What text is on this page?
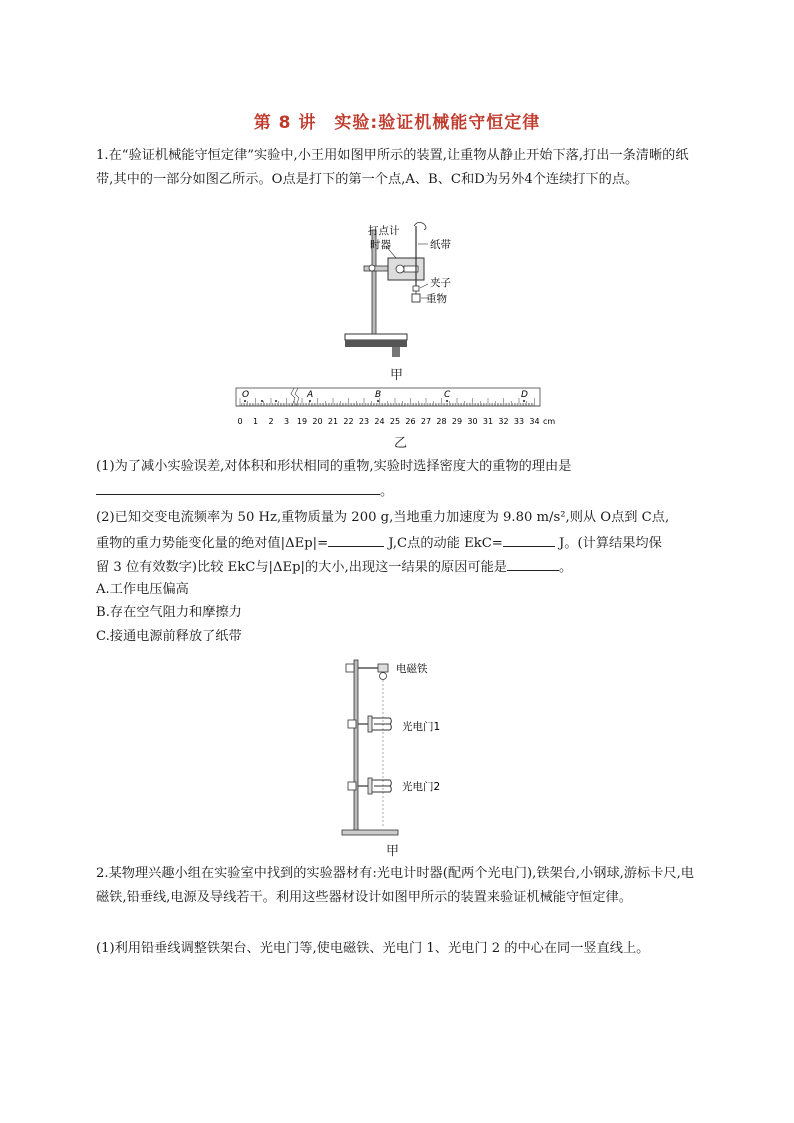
第 8 讲　实验:验证机械能守恒定律
1.在“验证机械能守恒定律”实验中,小王用如图甲所示的装置,让重物从静止开始下落,打出一条清晰的纸带,其中的一部分如图乙所示。O点是打下的第一个点,A、B、C和D为另外4个连续打下的点。
打点计
时器	纸带
夹子
重物
甲
0 1 2 3 19 20 21 22 23 24 25 26 27 28 29 30 31 32 33 34
O	A	B	C	D
cm
乙
(1)为了减小实验误差,对体积和形状相同的重物,实验时选择密度大的重物的理由是
。
(2)已知交变电流频率为 50 Hz,重物质量为 200 g,当地重力加速度为 9.80 m/s²,则从 O点到 C点,
重物的重力势能变化量的绝对值|ΔEp|=	J,C点的动能 EkC=	J。(计算结果均保
留 3 位有效数字)比较 EkC与|ΔEp|的大小,出现这一结果的原因可能是	。
A.工作电压偏高
B.存在空气阻力和摩擦力
C.接通电源前释放了纸带
电磁铁
光电门1
光电门2
甲
2.某物理兴趣小组在实验室中找到的实验器材有:光电计时器(配两个光电门),铁架台,小钢球,游标卡尺,电磁铁,铅垂线,电源及导线若干。利用这些器材设计如图甲所示的装置来验证机械能守恒定律。
(1)利用铅垂线调整铁架台、光电门等,使电磁铁、光电门 1、光电门 2 的中心在同一竖直线上。
